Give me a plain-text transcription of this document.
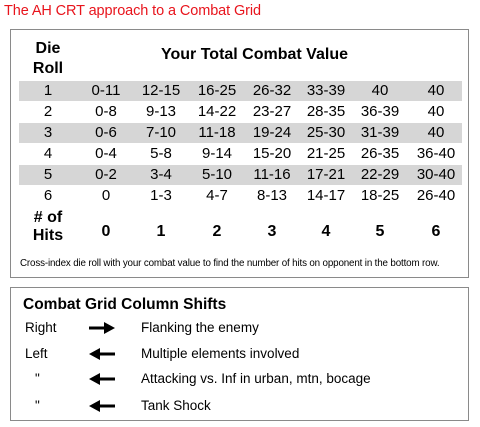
The AH CRT approach to a Combat Grid
Die
Roll
Your Total Combat Value
1	0-11	12-15	16-25	26-32	33-39	40	40
2	0-8	9-13	14-22	23-27	28-35	36-39	40
3	0-6	7-10	11-18	19-24	25-30	31-39	40
4	0-4	5-8	9-14	15-20	21-25	26-35	36-40
5	0-2	3-4	5-10	11-16	17-21	22-29	30-40
6	0	1-3	4-7	8-13	14-17	18-25	26-40
# of
Hits	0	1	2	3	4	5	6
Cross-index die roll with your combat value to find the number of hits on opponent in the bottom row.
Combat Grid Column Shifts
Right	Flanking the enemy
Left	Multiple elements involved
"	Attacking vs. Inf in urban, mtn, bocage
"	Tank Shock
